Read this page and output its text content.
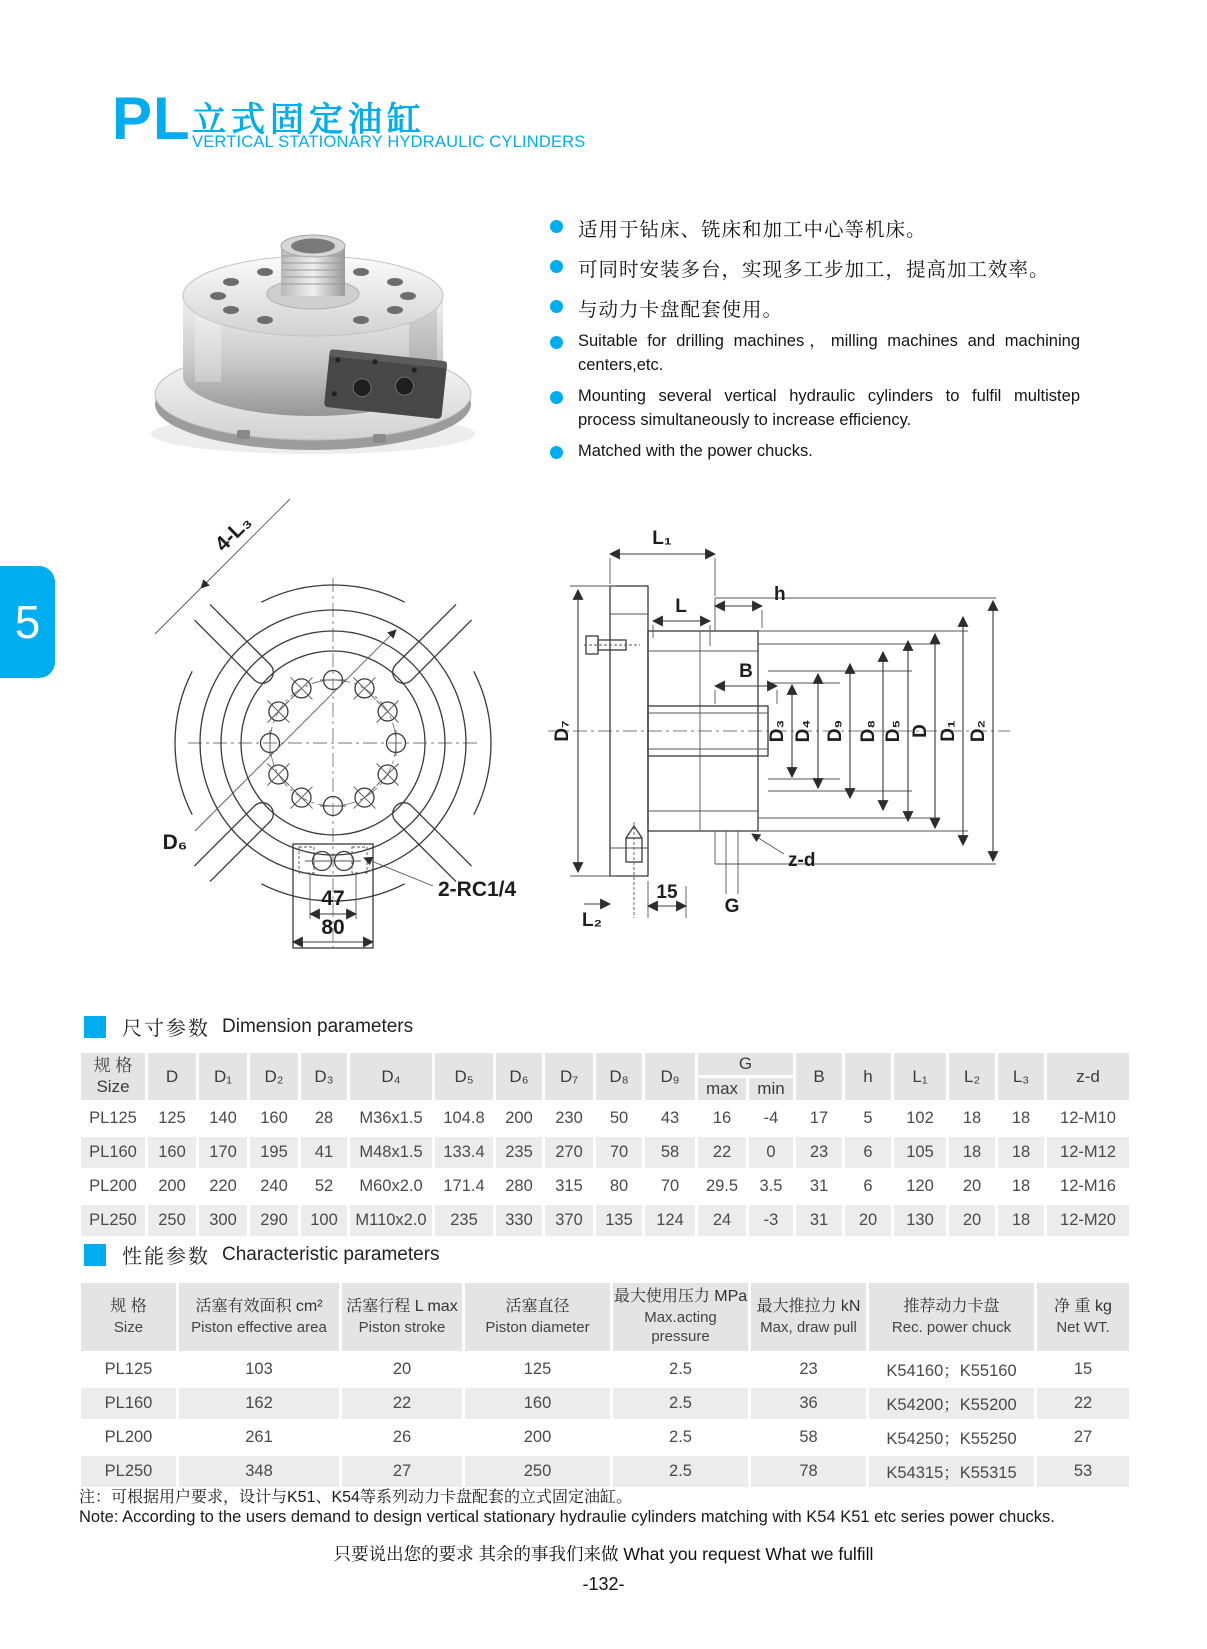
PL 立式固定油缸
VERTICAL STATIONARY HYDRAULIC CYLINDERS
5
适用于钻床、铣床和加工中心等机床。
可同时安装多台，实现多工步加工，提高加工效率。
与动力卡盘配套使用。
Suitable for drilling machines，milling machines and machining centers,etc.
Mounting several vertical hydraulic cylinders to fulfil multistep process simultaneously to increase efficiency.
Matched with the power chucks.
47
80
4-L₃
D₆
2-RC1/4
D₇	D₃ D₄ D₉ D₈ D₅ D D₁ D₂
L₁
L
h
B
L₂
15
G
z-d
尺寸参数 Dimension parameters
规 格
Size	D	D₁	D₂	D₃	D₄	D₅	D₆	D₇	D₈	D₉	G		B	h	L₁	L₂	L₃	z-d
											max	min						
PL125	125	140	160	28	M36x1.5	104.8	200	230	50	43	16	-4	17	5	102	18	18	12-M10
PL160	160	170	195	41	M48x1.5	133.4	235	270	70	58	22	0	23	6	105	18	18	12-M12
PL200	200	220	240	52	M60x2.0	171.4	280	315	80	70	29.5	3.5	31	6	120	20	18	12-M16
PL250	250	300	290	100	M110x2.0	235	330	370	135	124	24	-3	31	20	130	20	18	12-M20
性能参数 Characteristic parameters
规 格
Size

活塞有效面积 cm²
Piston effective area

活塞行程 L max
Piston stroke

活塞直径
Piston diameter

最大使用压力 MPa
Max.acting pressure

最大推拉力 kN
Max, draw pull

推荐动力卡盘
Rec. power chuck

净 重 kg
Net WT.

PL125	103	20	125	2.5	23	K54160；K55160	15
PL160	162	22	160	2.5	36	K54200；K55200	22
PL200	261	26	200	2.5	58	K54250；K55250	27
PL250	348	27	250	2.5	78	K54315；K55315	53
注：可根据用户要求，设计与K51、K54等系列动力卡盘配套的立式固定油缸。
Note: According to the users demand to design vertical stationary hydraulie cylinders matching with K54 K51 etc series power chucks.
只要说出您的要求 其余的事我们来做 What you request What we fulfill
-132-
